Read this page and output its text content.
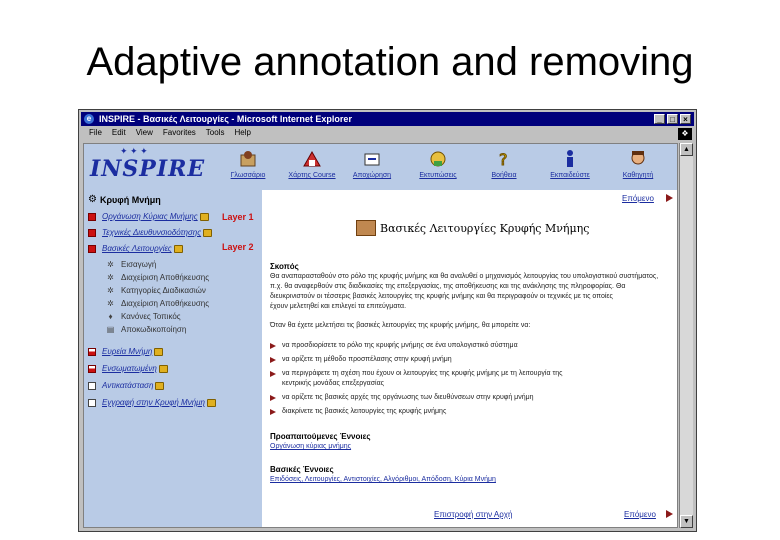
Adaptive annotation and removing
e INSPIRE - Βασικές Λειτουργίες - Microsoft Internet Explorer	_	□	×
File Edit View Favorites Tools Help	❖
✦ ✦ ✦
INSPIRE	Γλωσσάριο	Χάρτης Course Αποχώρηση	Εκτυπώσεις
?
Βοήθεια	Εκπαιδεύστε	Καθηγητή
⚙ Κρυφή Μνήμη
Οργάνωση Κύριας Μνήμης	Layer 1
Τεχνικές Διευθυνσιοδότησης
Βασικές Λειτουργίες	Layer 2
✲ Εισαγωγή
✲ Διαχείριση Αποθήκευσης
✲ Κατηγορίες Διαδικασιών
✲ Διαχείριση Αποθήκευσης
♦	Κανόνες Τοπικός
▤ Αποκωδικοποίηση
Ευρεία Μνήμη
Ενσωματωμένη
Αντικατάσταση
Εγγραφή στην Κρυφή Μνήμη
Επόμενο
Βασικές Λειτουργίες Κρυφής Μνήμης
Σκοπός
Θα αναπαρασταθούν στο ρόλο της κρυφής μνήμης και θα αναλυθεί ο μηχανισμός λειτουργίας του υπολογιστικού συστήματος,
π.χ. θα αναφερθούν στις διαδικασίες της επεξεργασίας, της αποθήκευσης και της ανάκλησης της πληροφορίας. Θα
διευκρινιστούν οι τέσσερις βασικές λειτουργίες της κρυφής μνήμης και θα περιγραφούν οι τεχνικές με τις οποίες
έχουν μελετηθεί και επιλεγεί τα επιτεύγματα.
Όταν θα έχετε μελετήσει τις βασικές λειτουργίες της κρυφής μνήμης, θα μπορείτε να:
να προσδιορίσετε το ρόλο της κρυφής μνήμης σε ένα υπολογιστικό σύστημα
να ορίζετε τη μέθοδο προσπέλασης στην κρυφή μνήμη
να περιγράφετε τη σχέση που έχουν οι λειτουργίες της κρυφής μνήμης με τη λειτουργία της
κεντρικής μονάδας επεξεργασίας
να ορίζετε τις βασικές αρχές της οργάνωσης των διευθύνσεων στην κρυφή μνήμη
διακρίνετε τις βασικές λειτουργίες της κρυφής μνήμης
Προαπαιτούμενες Έννοιες
Οργάνωση κύριας μνήμης
Βασικές Έννοιες
Επιδόσεις, Λειτουργίες, Αντιστοιχίες, Αλγόριθμοι, Απόδοση, Κύρια Μνήμη
Επιστροφή στην Αρχή	Επόμενο
▲
▼
